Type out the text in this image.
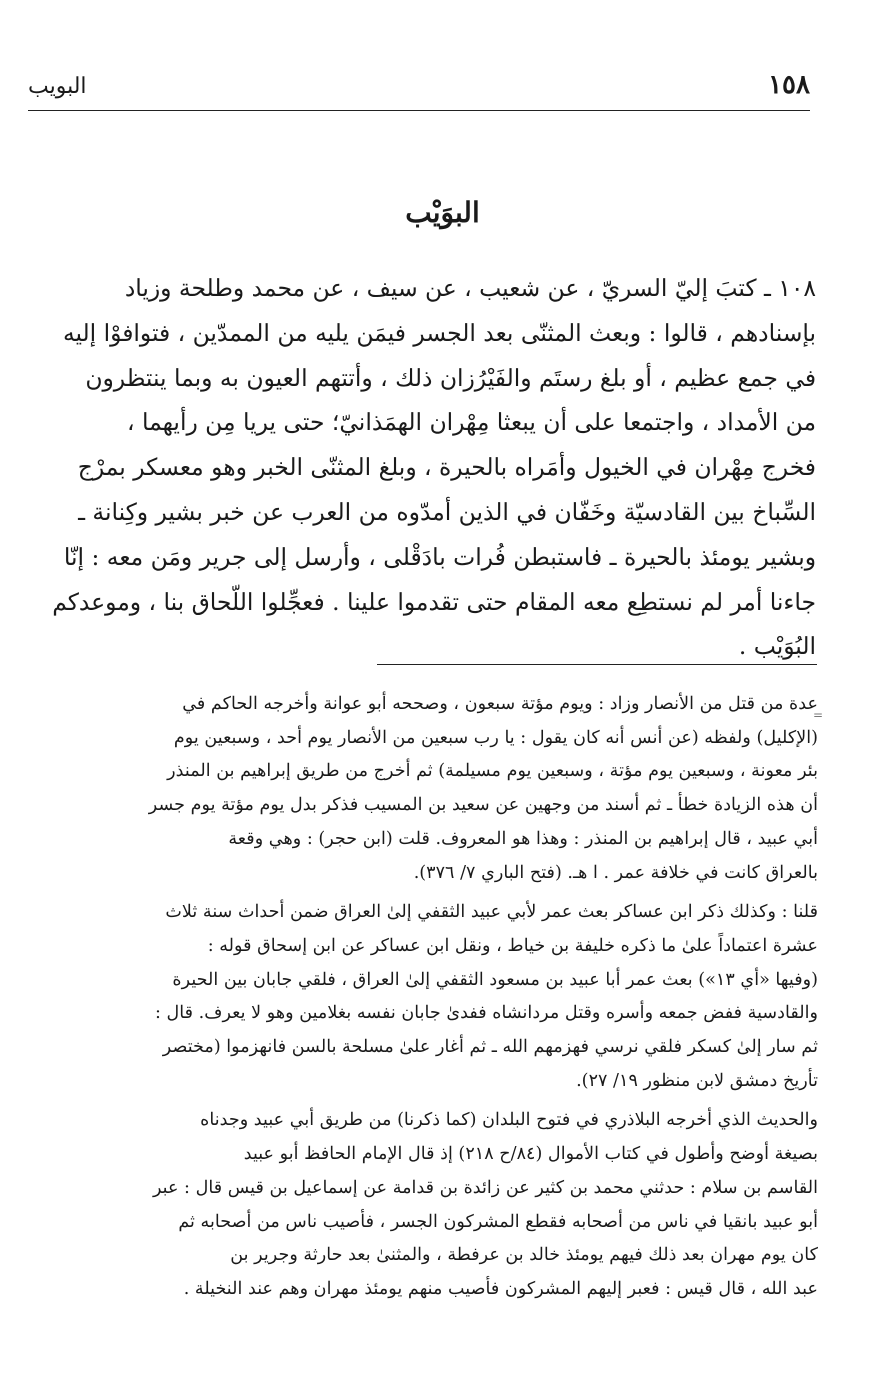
١٥٨
البويب
البوَيْب
١٠٨ ـ كتبَ إليّ السريّ ، عن شعيب ، عن سيف ، عن محمد وطلحة وزياد
بإسنادهم ، قالوا : وبعث المثنّى بعد الجسر فيمَن يليه من الممدّين ، فتوافوْا إليه
في جمع عظيم ، أو بلغ رستَم والفَيْرُزان ذلك ، وأتتهم العيون به وبما ينتظرون
من الأمداد ، واجتمعا على أن يبعثا مِهْران الهمَذانيّ؛ حتى يريا مِن رأيهما ،
فخرج مِهْران في الخيول وأمَراه بالحيرة ، وبلغ المثنّى الخبر وهو معسكر بمرْج
السِّباخ بين القادسيّة وخَفّان في الذين أمدّوه من العرب عن خبر بشير وكِنانة ـ
وبشير يومئذ بالحيرة ـ فاستبطن فُرات بادَقْلى ، وأرسل إلى جرير ومَن معه : إنّا
جاءنا أمر لم نستطِع معه المقام حتى تقدموا علينا . فعجِّلوا اللّحاق بنا ، وموعدكم
البُوَيْب .
=
عدة من قتل من الأنصار وزاد : ويوم مؤتة سبعون ، وصححه أبو عوانة وأخرجه الحاكم في
(الإكليل) ولفظه (عن أنس أنه كان يقول : يا رب سبعين من الأنصار يوم أحد ، وسبعين يوم
بئر معونة ، وسبعين يوم مؤتة ، وسبعين يوم مسيلمة) ثم أخرج من طريق إبراهيم بن المنذر
أن هذه الزيادة خطأ ـ ثم أسند من وجهين عن سعيد بن المسيب فذكر بدل يوم مؤتة يوم جسر
أبي عبيد ، قال إبراهيم بن المنذر : وهذا هو المعروف. قلت (ابن حجر) : وهي وقعة
بالعراق كانت في خلافة عمر . ا هـ. (فتح الباري ٧/ ٣٧٦).
قلنا : وكذلك ذكر ابن عساكر بعث عمر لأبي عبيد الثقفي إلىٰ العراق ضمن أحداث سنة ثلاث
عشرة اعتماداً علىٰ ما ذكره خليفة بن خياط ، ونقل ابن عساكر عن ابن إسحاق قوله :
(وفيها «أي ١٣») بعث عمر أبا عبيد بن مسعود الثقفي إلىٰ العراق ، فلقي جابان بين الحيرة
والقادسية ففض جمعه وأسره وقتل مردانشاه ففدىٰ جابان نفسه بغلامين وهو لا يعرف. قال :
ثم سار إلىٰ كسكر فلقي نرسي فهزمهم الله ـ ثم أغار علىٰ مسلحة بالسن فانهزموا (مختصر
تأريخ دمشق لابن منظور ١٩/ ٢٧).
والحديث الذي أخرجه البلاذري في فتوح البلدان (كما ذكرنا) من طريق أبي عبيد وجدناه
بصيغة أوضح وأطول في كتاب الأموال (٨٤/ح ٢١٨) إذ قال الإمام الحافظ أبو عبيد
القاسم بن سلام : حدثني محمد بن كثير عن زائدة بن قدامة عن إسماعيل بن قيس قال : عبر
أبو عبيد بانقيا في ناس من أصحابه فقطع المشركون الجسر ، فأصيب ناس من أصحابه ثم
كان يوم مهران بعد ذلك فيهم يومئذ خالد بن عرفطة ، والمثنىٰ بعد حارثة وجرير بن
عبد الله ، قال قيس : فعبر إليهم المشركون فأصيب منهم يومئذ مهران وهم عند النخيلة .
